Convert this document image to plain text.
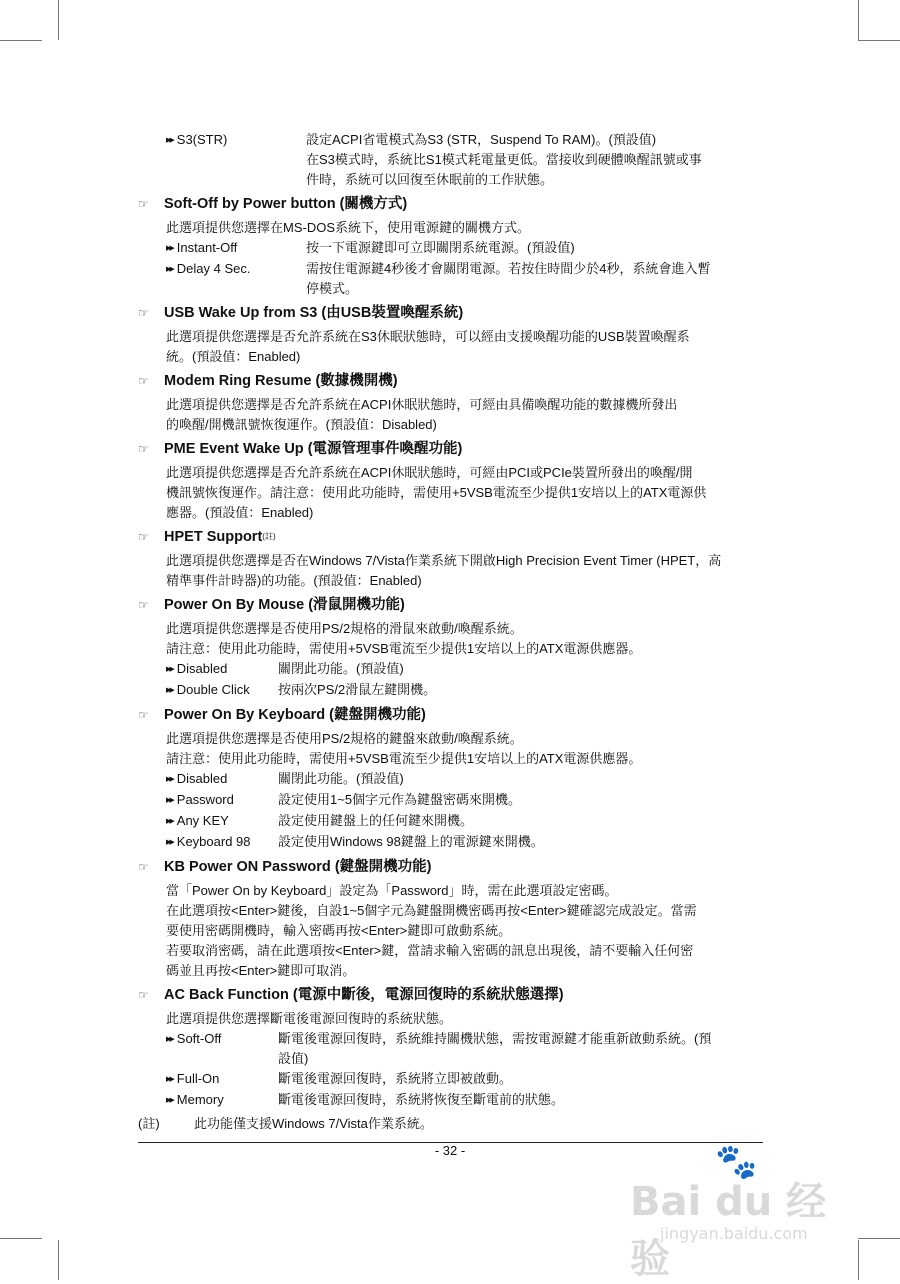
▶▶ S3(STR)	設定ACPI省電模式為S3 (STR，Suspend To RAM)。(預設值)
在S3模式時，系統比S1模式耗電量更低。當接收到硬體喚醒訊號或事
件時，系統可以回復至休眠前的工作狀態。
☞	Soft-Off by Power button (關機方式)
此選項提供您選擇在MS-DOS系統下，使用電源鍵的關機方式。
▶▶ Instant-Off	按一下電源鍵即可立即關閉系統電源。(預設值)
▶▶ Delay 4 Sec.	需按住電源鍵4秒後才會關閉電源。若按住時間少於4秒，系統會進入暫
停模式。
☞	USB Wake Up from S3 (由USB裝置喚醒系統)
此選項提供您選擇是否允許系統在S3休眠狀態時，可以經由支援喚醒功能的USB裝置喚醒系
統。(預設值：Enabled)
☞	Modem Ring Resume (數據機開機)
此選項提供您選擇是否允許系統在ACPI休眠狀態時，可經由具備喚醒功能的數據機所發出
的喚醒/開機訊號恢復運作。(預設值：Disabled)
☞	PME Event Wake Up (電源管理事件喚醒功能)
此選項提供您選擇是否允許系統在ACPI休眠狀態時，可經由PCI或PCIe裝置所發出的喚醒/開
機訊號恢復運作。請注意：使用此功能時，需使用+5VSB電流至少提供1安培以上的ATX電源供
應器。(預設值：Enabled)
☞	HPET Support (註)
此選項提供您選擇是否在Windows 7/Vista作業系統下開啟High Precision Event Timer (HPET，高
精準事件計時器)的功能。(預設值：Enabled)
☞	Power On By Mouse (滑鼠開機功能)
此選項提供您選擇是否使用PS/2規格的滑鼠來啟動/喚醒系統。
請注意：使用此功能時，需使用+5VSB電流至少提供1安培以上的ATX電源供應器。
▶▶ Disabled	關閉此功能。(預設值)
▶▶ Double Click	按兩次PS/2滑鼠左鍵開機。
☞	Power On By Keyboard (鍵盤開機功能)
此選項提供您選擇是否使用PS/2規格的鍵盤來啟動/喚醒系統。
請注意：使用此功能時，需使用+5VSB電流至少提供1安培以上的ATX電源供應器。
▶▶ Disabled	關閉此功能。(預設值)
▶▶ Password	設定使用1~5個字元作為鍵盤密碼來開機。
▶▶ Any KEY	設定使用鍵盤上的任何鍵來開機。
▶▶ Keyboard 98	設定使用Windows 98鍵盤上的電源鍵來開機。
☞	KB Power ON Password (鍵盤開機功能)
當「Power On by Keyboard」設定為「Password」時，需在此選項設定密碼。
在此選項按<Enter>鍵後，自設1~5個字元為鍵盤開機密碼再按<Enter>鍵確認完成設定。當需
要使用密碼開機時，輸入密碼再按<Enter>鍵即可啟動系統。
若要取消密碼，請在此選項按<Enter>鍵，當請求輸入密碼的訊息出現後，請不要輸入任何密
碼並且再按<Enter>鍵即可取消。
☞	AC Back Function (電源中斷後，電源回復時的系統狀態選擇)
此選項提供您選擇斷電後電源回復時的系統狀態。
▶▶ Soft-Off	斷電後電源回復時，系統維持關機狀態，需按電源鍵才能重新啟動系統。(預
設值)
▶▶ Full-On	斷電後電源回復時，系統將立即被啟動。
▶▶ Memory	斷電後電源回復時，系統將恢復至斷電前的狀態。
(註)	此功能僅支援Windows 7/Vista作業系統。
- 32 -	🐾
Bai du 经验
jingyan.baidu.com
